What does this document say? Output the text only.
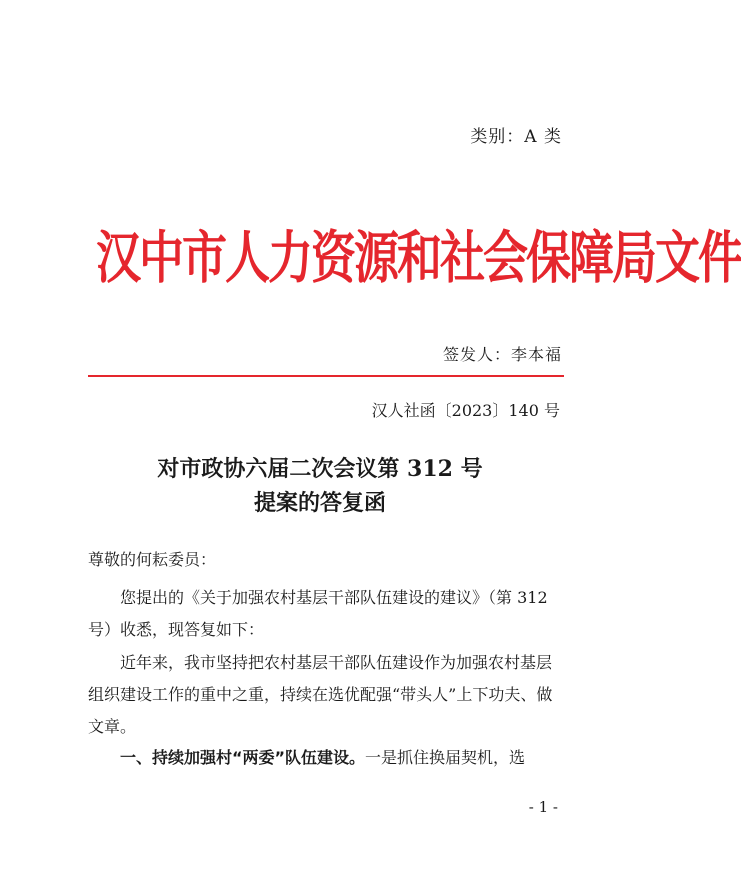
类别：A 类
汉中市人力资源和社会保障局文件
签发人：李本福
汉人社函〔2023〕140 号
对市政协六届二次会议第 312 号
提案的答复函
尊敬的何耘委员：
您提出的《关于加强农村基层干部队伍建设的建议》（第 312 号）收悉，现答复如下：
近年来，我市坚持把农村基层干部队伍建设作为加强农村基层组织建设工作的重中之重，持续在选优配强“带头人”上下功夫、做文章。
一、持续加强村“两委”队伍建设。一是抓住换届契机，选
- 1 -
